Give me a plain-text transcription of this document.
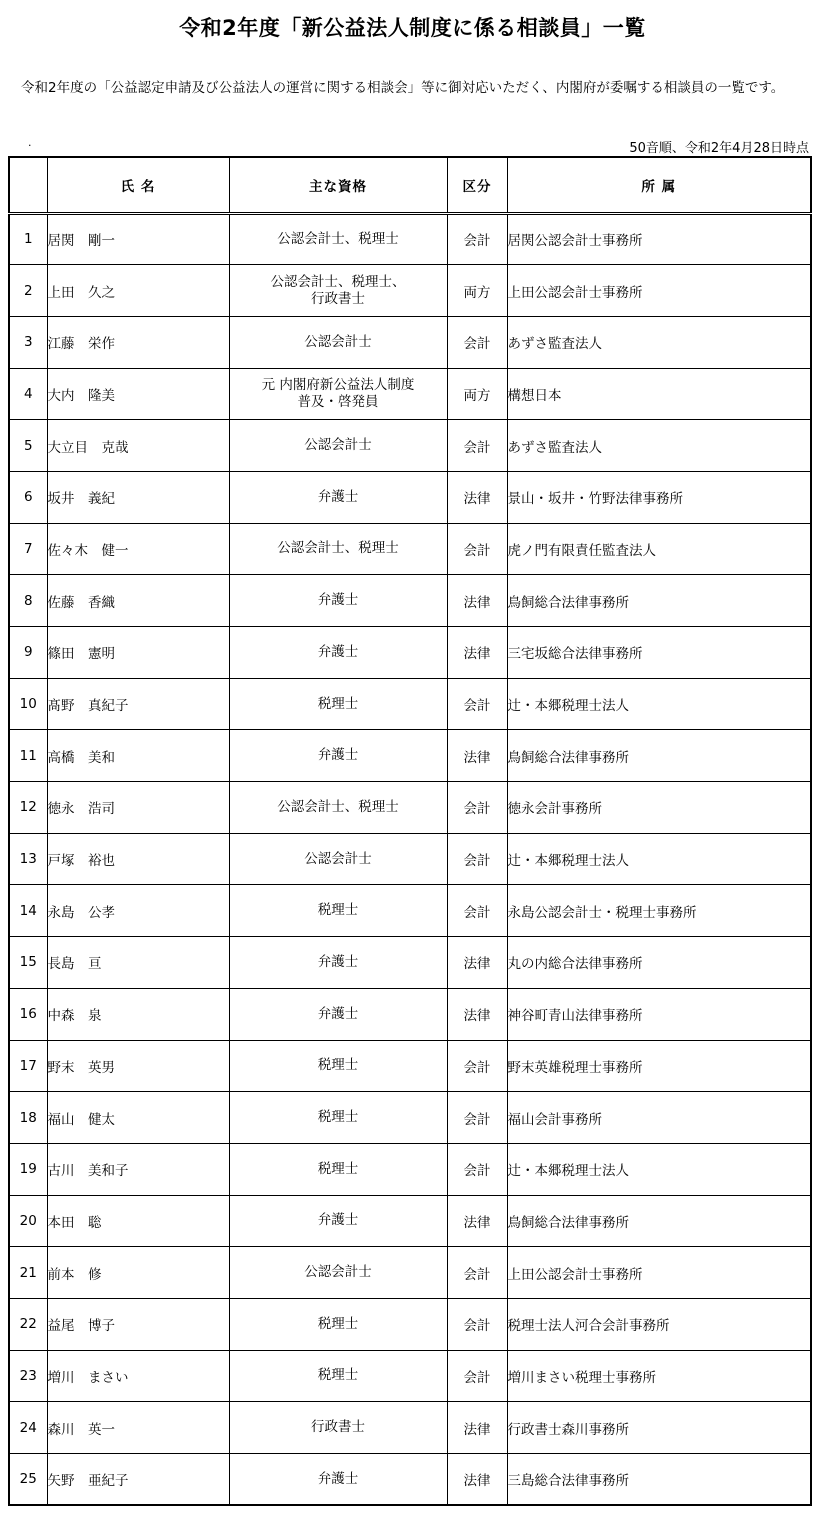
令和2年度「新公益法人制度に係る相談員」一覧
令和2年度の「公益認定申請及び公益法人の運営に関する相談会」等に御対応いただく、内閣府が委嘱する相談員の一覧です。
.	50音順、令和2年4月28日時点
	氏 名	主な資格	区分	所 属
1	居関　剛一	公認会計士、税理士	会計	居関公認会計士事務所
2	上田　久之	公認会計士、税理士、
行政書士	両方	上田公認会計士事務所
3	江藤　栄作	公認会計士	会計	あずさ監査法人
4	大内　隆美	元 内閣府新公益法人制度
普及・啓発員	両方	構想日本
5	大立目　克哉	公認会計士	会計	あずさ監査法人
6	坂井　義紀	弁護士	法律	景山・坂井・竹野法律事務所
7	佐々木　健一	公認会計士、税理士	会計	虎ノ門有限責任監査法人
8	佐藤　香織	弁護士	法律	鳥飼総合法律事務所
9	篠田　憲明	弁護士	法律	三宅坂総合法律事務所
10	髙野　真紀子	税理士	会計	辻・本郷税理士法人
11	高橋　美和	弁護士	法律	鳥飼総合法律事務所
12	徳永　浩司	公認会計士、税理士	会計	徳永会計事務所
13	戸塚　裕也	公認会計士	会計	辻・本郷税理士法人
14	永島　公孝	税理士	会計	永島公認会計士・税理士事務所
15	長島　亘	弁護士	法律	丸の内総合法律事務所
16	中森　泉	弁護士	法律	神谷町青山法律事務所
17	野末　英男	税理士	会計	野末英雄税理士事務所
18	福山　健太	税理士	会計	福山会計事務所
19	古川　美和子	税理士	会計	辻・本郷税理士法人
20	本田　聡	弁護士	法律	鳥飼総合法律事務所
21	前本　修	公認会計士	会計	上田公認会計士事務所
22	益尾　博子	税理士	会計	税理士法人河合会計事務所
23	増川　まさい	税理士	会計	増川まさい税理士事務所
24	森川　英一	行政書士	法律	行政書士森川事務所
25	矢野　亜紀子	弁護士	法律	三島総合法律事務所
